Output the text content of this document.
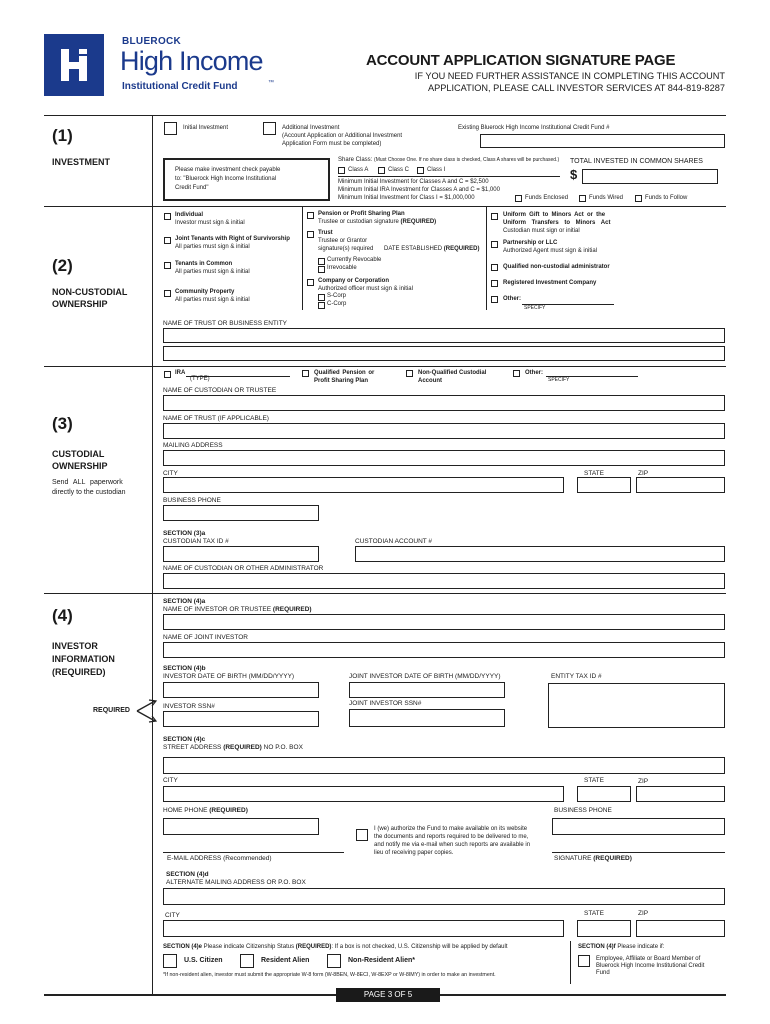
BLUEROCK
High Income
Institutional Credit Fund	™
ACCOUNT APPLICATION SIGNATURE PAGE
IF YOU NEED FURTHER ASSISTANCE IN COMPLETING THIS ACCOUNT
APPLICATION, PLEASE CALL INVESTOR SERVICES AT 844-819-8287
(1)
INVESTMENT
(2)
NON-CUSTODIAL
OWNERSHIP
(3)
CUSTODIAL
OWNERSHIP
Send ALL paperwork
directly to the custodian
(4)
INVESTOR
INFORMATION
(REQUIRED)
REQUIRED
Initial Investment	Additional Investment
(Account Application or Additional Investment
Application Form must be completed)
Existing Bluerock High Income Institutional Credit Fund #
Please make investment check payable
to: "Bluerock High Income Institutional
Credit Fund"
Share Class: (Must Choose One. If no share class is checked, Class A shares will be purchased.)
Class A	Class C	Class I
Minimum Initial Investment for Classes A and C = $2,500
Minimum Initial IRA Investment for Classes A and C = $1,000
Minimum Initial Investment for Class I = $1,000,000
TOTAL INVESTED IN COMMON SHARES
$
Funds Enclosed	Funds Wired	Funds to Follow
Individual
Investor must sign & initial
Joint Tenants with Right of Survivorship
All parties must sign & initial
Tenants in Common
All parties must sign & initial
Community Property
All parties must sign & initial
Pension or Profit Sharing Plan
Trustee or custodian signature (REQUIRED)
Trust
Trustee or Grantor
signature(s) required DATE ESTABLISHED (REQUIRED)
Currently Revocable
Irrevocable
Company or Corporation
Authorized officer must sign & initial
S-Corp
C-Corp
Uniform Gift to Minors Act or the
Uniform Transfers to Minors Act
Custodian must sign or initial
Partnership or LLC
Authorized Agent must sign & initial
Qualified non-custodial administrator
Registered Investment Company
Other:
SPECIFY
NAME OF TRUST OR BUSINESS ENTITY
IRA
(TYPE)
Qualified Pension or
Profit Sharing Plan
Non-Qualified Custodial
Account
Other:
SPECIFY
NAME OF CUSTODIAN OR TRUSTEE
NAME OF TRUST (IF APPLICABLE)
MAILING ADDRESS
CITY	STATE	ZIP
BUSINESS PHONE
SECTION (3)a
CUSTODIAN TAX ID #	CUSTODIAN ACCOUNT #
NAME OF CUSTODIAN OR OTHER ADMINISTRATOR
SECTION (4)a
NAME OF INVESTOR OR TRUSTEE (REQUIRED)
NAME OF JOINT INVESTOR
SECTION (4)b
INVESTOR DATE OF BIRTH (MM/DD/YYYY)	JOINT INVESTOR DATE OF BIRTH (MM/DD/YYYY)	ENTITY TAX ID #
INVESTOR SSN#	JOINT INVESTOR SSN#
SECTION (4)c
STREET ADDRESS (REQUIRED) NO P.O. BOX
CITY	STATE	ZIP
HOME PHONE (REQUIRED)	BUSINESS PHONE
I (we) authorize the Fund to make available on its website
the documents and reports required to be delivered to me,
and notify me via e-mail when such reports are available in
lieu of receiving paper copies.
E-MAIL ADDRESS (Recommended)	SIGNATURE (REQUIRED)
SECTION (4)d
ALTERNATE MAILING ADDRESS OR P.O. BOX
CITY	STATE	ZIP
SECTION (4)e Please indicate Citizenship Status (REQUIRED): If a box is not checked, U.S. Citizenship will be applied by default
U.S. Citizen	Resident Alien	Non-Resident Alien*
*If non-resident alien, investor must submit the appropriate W-8 form (W-8BEN, W-8ECI, W-8EXP or W-8IMY) in order to make an investment.
SECTION (4)f Please indicate if:
Employee, Affiliate or Board Member of
Bluerock High Income Institutional Credit
Fund
PAGE 3 OF 5
